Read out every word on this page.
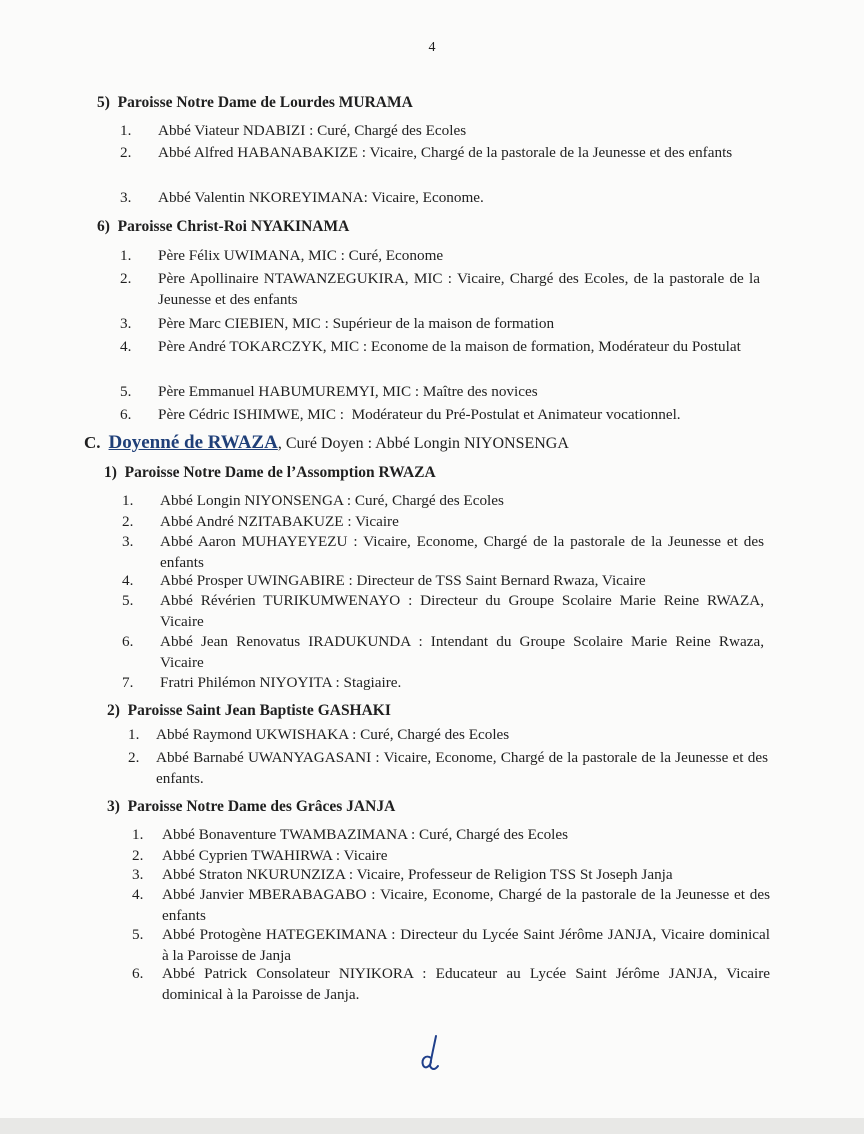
4
5)  Paroisse Notre Dame de Lourdes MURAMA
1. Abbé Viateur NDABIZI : Curé, Chargé des Ecoles
2. Abbé Alfred HABANABAKIZE : Vicaire, Chargé de la pastorale de la Jeunesse et des enfants
3. Abbé Valentin NKOREYIMANA: Vicaire, Econome.
6)  Paroisse Christ-Roi NYAKINAMA
1. Père Félix UWIMANA, MIC : Curé, Econome
2. Père Apollinaire NTAWANZEGUKIRA, MIC : Vicaire, Chargé des Ecoles, de la pastorale de la Jeunesse et des enfants
3. Père Marc CIEBIEN, MIC : Supérieur de la maison de formation
4. Père André TOKARCZYK, MIC : Econome de la maison de formation, Modérateur du Postulat
5. Père Emmanuel HABUMUREMYI, MIC : Maître des novices
6. Père Cédric ISHIMWE, MIC :  Modérateur du Pré-Postulat et Animateur vocationnel.
C. Doyenné de RWAZA, Curé Doyen : Abbé Longin NIYONSENGA
1)  Paroisse Notre Dame de l’Assomption RWAZA
1. Abbé Longin NIYONSENGA : Curé, Chargé des Ecoles
2. Abbé André NZITABAKUZE : Vicaire
3. Abbé Aaron MUHAYEYEZU : Vicaire, Econome, Chargé de la pastorale de la Jeunesse et des enfants
4. Abbé Prosper UWINGABIRE : Directeur de TSS Saint Bernard Rwaza, Vicaire
5. Abbé Révérien TURIKUMWENAYO : Directeur du Groupe Scolaire Marie Reine RWAZA, Vicaire
6. Abbé Jean Renovatus IRADUKUNDA : Intendant du Groupe Scolaire Marie Reine Rwaza, Vicaire
7. Fratri Philémon NIYOYITA : Stagiaire.
2)  Paroisse Saint Jean Baptiste GASHAKI
1. Abbé Raymond UKWISHAKA : Curé, Chargé des Ecoles
2. Abbé Barnabé UWANYAGASANI : Vicaire, Econome, Chargé de la pastorale de la Jeunesse et des enfants.
3)  Paroisse Notre Dame des Grâces JANJA
1. Abbé Bonaventure TWAMBAZIMANA : Curé, Chargé des Ecoles
2. Abbé Cyprien TWAHIRWA : Vicaire
3. Abbé Straton NKURUNZIZA : Vicaire, Professeur de Religion TSS St Joseph Janja
4. Abbé Janvier MBERABAGABO : Vicaire, Econome, Chargé de la pastorale de la Jeunesse et des enfants
5. Abbé Protogène HATEGEKIMANA : Directeur du Lycée Saint Jérôme JANJA, Vicaire dominical à la Paroisse de Janja
6. Abbé Patrick Consolateur NIYIKORA : Educateur au Lycée Saint Jérôme JANJA, Vicaire dominical à la Paroisse de Janja.
